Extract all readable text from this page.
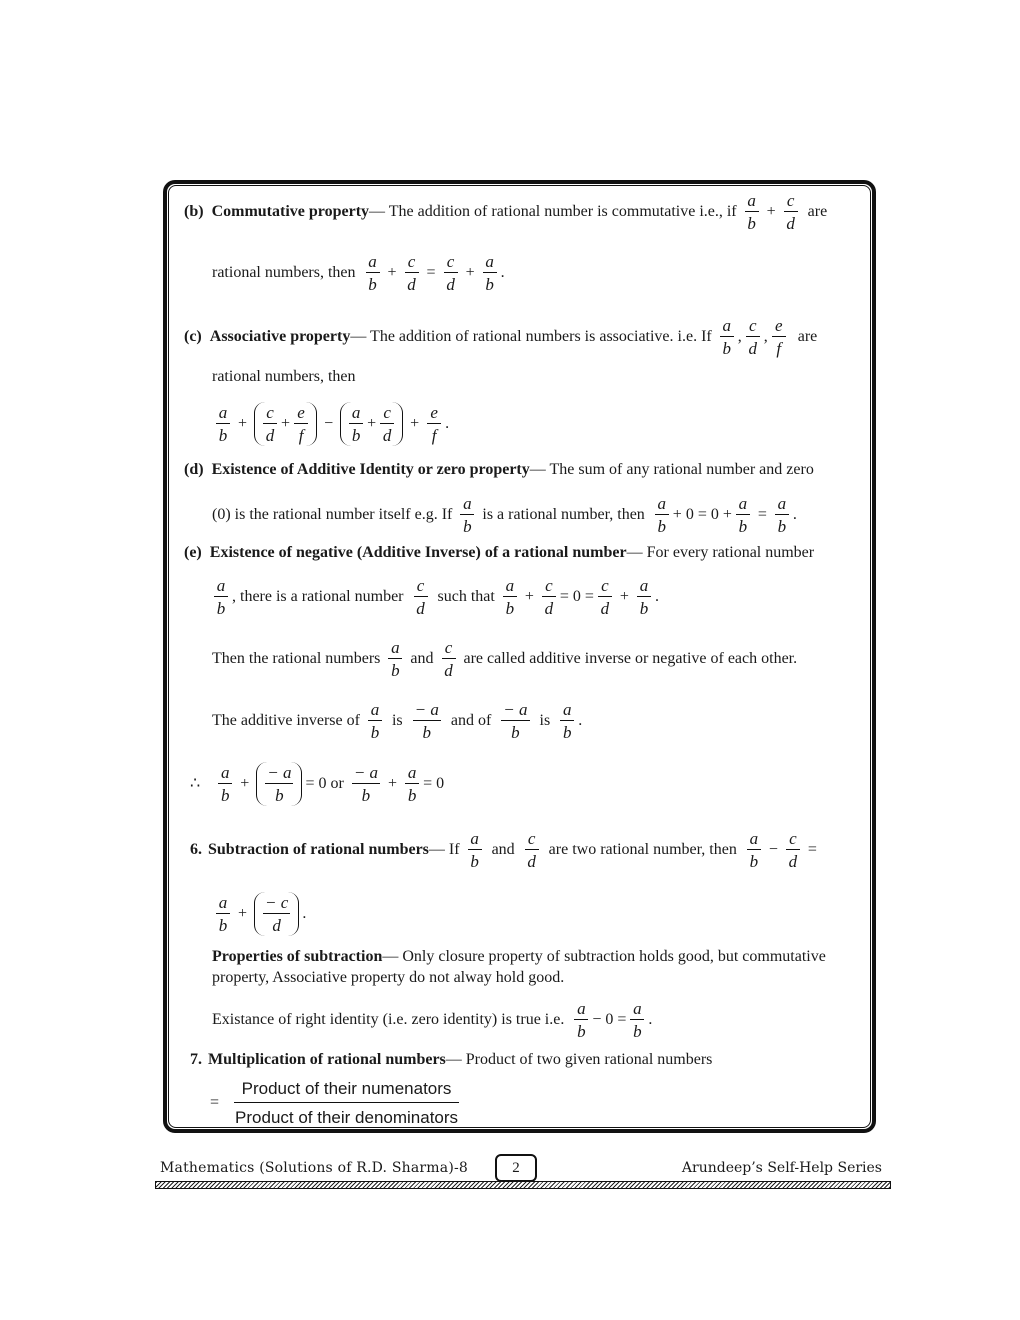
(b) Commutative property — The addition of rational number is commutative i.e., if
a
b
+ $\frac{c}{d}$ are
rational numbers, then
a
b
+ $\frac{c}{d} = \frac{c}{d} + \frac{a}{b}$ .
(c) Associative property — The addition of rational numbers is associative. i.e. If
a
b
,
c
d
,
e
f
are
rational numbers, then
a
b
+
c
d
+ $\frac{e}{f}$ −
a
b
+ $\frac{c}{d} + \frac{e}{f}$ .
(d) Existence of Additive Identity or zero property — The sum of any rational number and zero
(0) is the rational number itself e.g. If
a
b
is a rational number, then
a
b
+ $0 = 0 + \frac{a}{b} = \frac{a}{b}$ .
(e) Existence of negative (Additive Inverse) of a rational number — For every rational number
a
b
, there is a rational number
c
d
such that
a
b
+ $\frac{c}{d} = 0 = \frac{c}{d} + \frac{a}{b}$ .
Then the rational numbers
a
b
and
c
d
are called additive inverse or negative of each other.
The additive inverse of
a
b
is
− a
b
and of
− a
b
is
a
b
.
∴
a
b
+
− a
b
= 0 or
− a
b
+ $\frac{a}{b} = 0$
6. Subtraction of rational numbers — If
a
b
and
c
d
are two rational number, then
a
b
− $\frac{c}{d}$ =
a
b
+
− c
d
.
Properties of subtraction — Only closure property of subtraction holds good, but commutative
property, Associative property do not alway hold good.
Existance of right identity (i.e. zero identity) is true i.e.
a
b
− $0 = \frac{a}{b}$ .
7. Multiplication of rational numbers — Product of two given rational numbers
=
Product of their numenators
Product of their denominators
Mathematics (Solutions of R.D. Sharma)-8	2	Arundeep’s Self-Help Series
